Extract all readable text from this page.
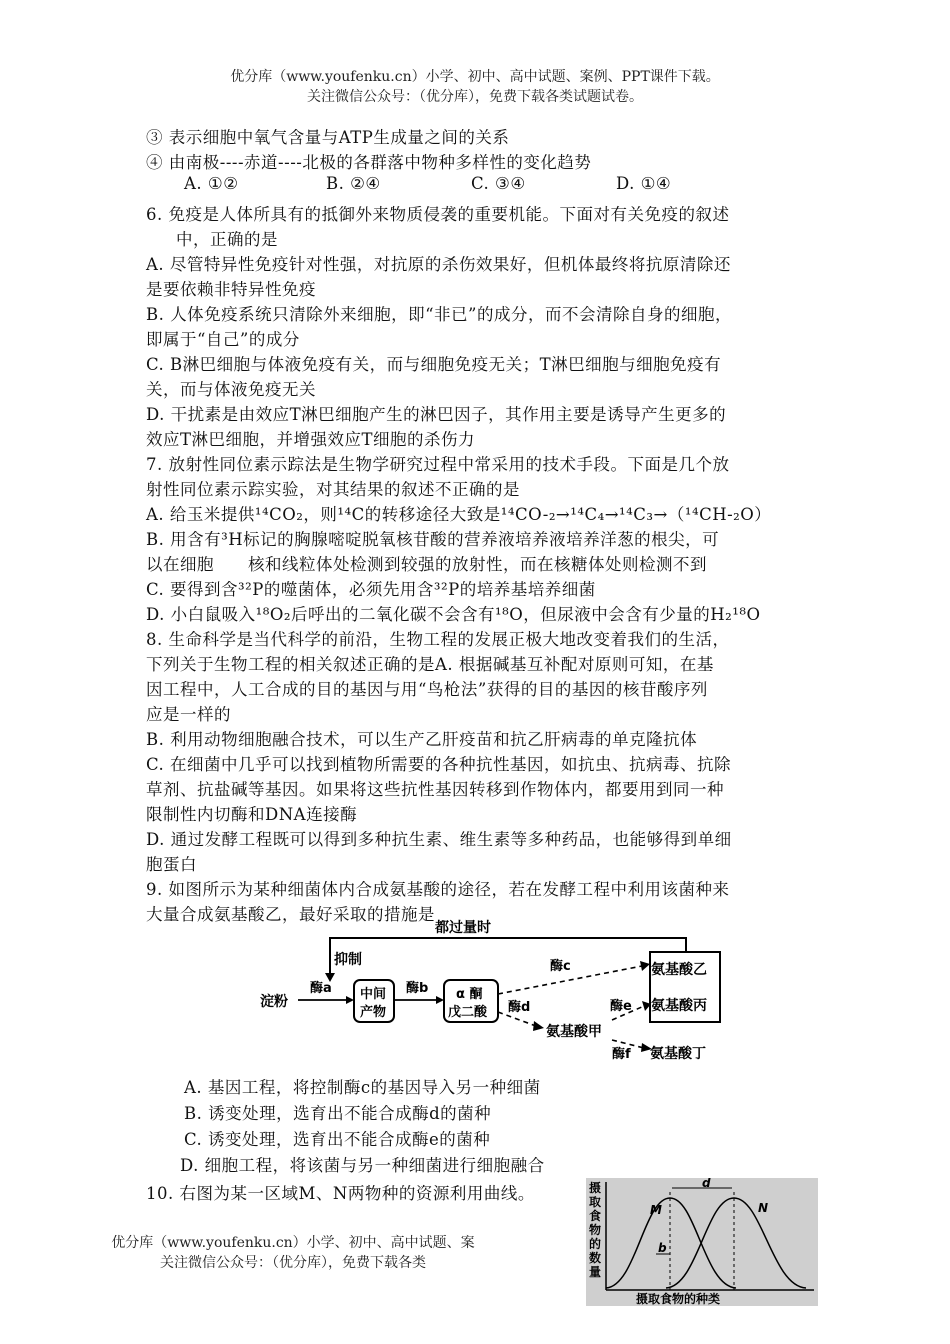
优分库（www.youfenku.cn）小学、初中、高中试题、案例、PPT课件下载。
关注微信公众号：（优分库），免费下载各类试题试卷。
③ 表示细胞中氧气含量与ATP生成量之间的关系
④ 由南极----赤道----北极的各群落中物种多样性的变化趋势
A. ①②	B. ②④	C. ③④	D. ①④
6. 免疫是人体所具有的抵御外来物质侵袭的重要机能。下面对有关免疫的叙述
中，正确的是
A. 尽管特异性免疫针对性强，对抗原的杀伤效果好，但机体最终将抗原清除还
是要依赖非特异性免疫
B. 人体免疫系统只清除外来细胞，即“非已”的成分，而不会清除自身的细胞，
即属于“自己”的成分
C. B淋巴细胞与体液免疫有关，而与细胞免疫无关；T淋巴细胞与细胞免疫有
关，而与体液免疫无关
D. 干扰素是由效应T淋巴细胞产生的淋巴因子，其作用主要是诱导产生更多的
效应T淋巴细胞，并增强效应T细胞的杀伤力
7. 放射性同位素示踪法是生物学研究过程中常采用的技术手段。下面是几个放
射性同位素示踪实验，对其结果的叙述不正确的是
A. 给玉米提供¹⁴CO₂，则¹⁴C的转移途径大致是¹⁴CO-₂→¹⁴C₄→¹⁴C₃→（¹⁴CH-₂O）
B. 用含有³H标记的胸腺嘧啶脱氧核苷酸的营养液培养液培养洋葱的根尖，可
以在细胞　　核和线粒体处检测到较强的放射性，而在核糖体处则检测不到
C. 要得到含³²P的噬菌体，必须先用含³²P的培养基培养细菌
D. 小白鼠吸入¹⁸O₂后呼出的二氧化碳不会含有¹⁸O，但尿液中会含有少量的H₂¹⁸O
8. 生命科学是当代科学的前沿，生物工程的发展正极大地改变着我们的生活，
下列关于生物工程的相关叙述正确的是A. 根据碱基互补配对原则可知，在基
因工程中，人工合成的目的基因与用“鸟枪法”获得的目的基因的核苷酸序列
应是一样的
B. 利用动物细胞融合技术，可以生产乙肝疫苗和抗乙肝病毒的单克隆抗体
C. 在细菌中几乎可以找到植物所需要的各种抗性基因，如抗虫、抗病毒、抗除
草剂、抗盐碱等基因。如果将这些抗性基因转移到作物体内，都要用到同一种
限制性内切酶和DNA连接酶
D. 通过发酵工程既可以得到多种抗生素、维生素等多种药品，也能够得到单细
胞蛋白
9. 如图所示为某种细菌体内合成氨基酸的途径，若在发酵工程中利用该菌种来
大量合成氨基酸乙，最好采取的措施是
都过量时
抑制
淀粉
酶a 中间
产物
酶b α 酮
戊二酸
酶c
酶d
氨基酸甲
氨基酸乙
氨基酸丙
酶e
酶f 氨基酸丁
A. 基因工程，将控制酶c的基因导入另一种细菌
B. 诱变处理，选育出不能合成酶d的菌种
C. 诱变处理，选育出不能合成酶e的菌种
D. 细胞工程，将该菌与另一种细菌进行细胞融合
10. 右图为某一区域M、N两物种的资源利用曲线。	摄
取
食
物
的
数
量
d
M	N
b
摄取食物的种类
优分库（www.youfenku.cn）小学、初中、高中试题、案
关注微信公众号：（优分库），免费下载各类
